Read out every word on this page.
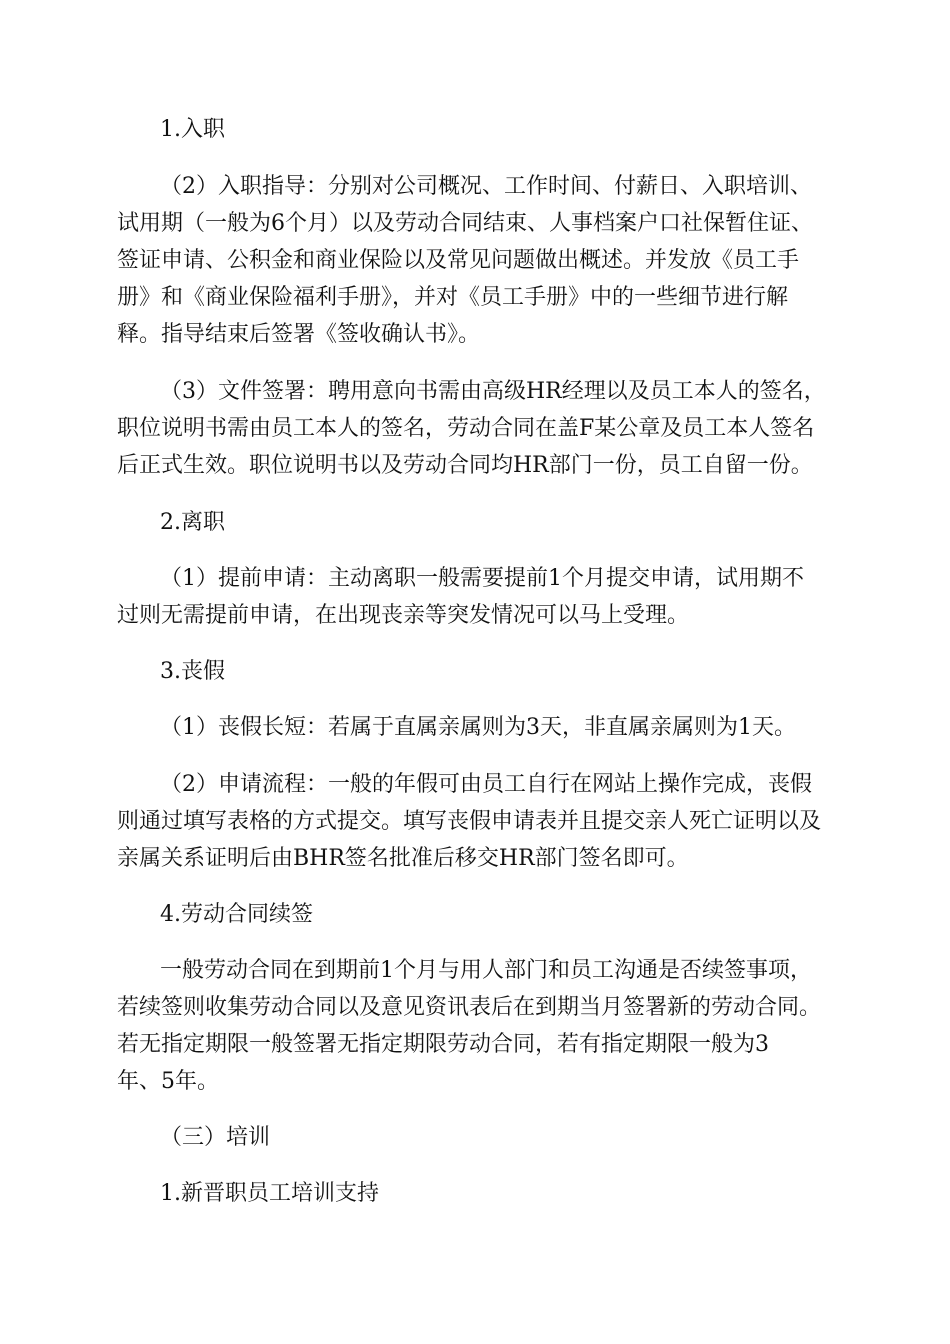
1.入职

（2）入职指导：分别对公司概况、工作时间、付薪日、入职培训、

试用期（一般为6个月）以及劳动合同结束、人事档案户口社保暂住证、

签证申请、公积金和商业保险以及常见问题做出概述。并发放《员工手

册》和《商业保险福利手册》，并对《员工手册》中的一些细节进行解

释。指导结束后签署《签收确认书》。

（3）文件签署：聘用意向书需由高级HR经理以及员工本人的签名，

职位说明书需由员工本人的签名，劳动合同在盖F某公章及员工本人签名

后正式生效。职位说明书以及劳动合同均HR部门一份，员工自留一份。

2.离职

（1）提前申请：主动离职一般需要提前1个月提交申请，试用期不

过则无需提前申请，在出现丧亲等突发情况可以马上受理。

3.丧假

（1）丧假长短：若属于直属亲属则为3天，非直属亲属则为1天。

（2）申请流程：一般的年假可由员工自行在网站上操作完成，丧假

则通过填写表格的方式提交。填写丧假申请表并且提交亲人死亡证明以及

亲属关系证明后由BHR签名批准后移交HR部门签名即可。

4.劳动合同续签

一般劳动合同在到期前1个月与用人部门和员工沟通是否续签事项，

若续签则收集劳动合同以及意见资讯表后在到期当月签署新的劳动合同。

若无指定期限一般签署无指定期限劳动合同，若有指定期限一般为3

年、5年。

（三）培训

1.新晋职员工培训支持
